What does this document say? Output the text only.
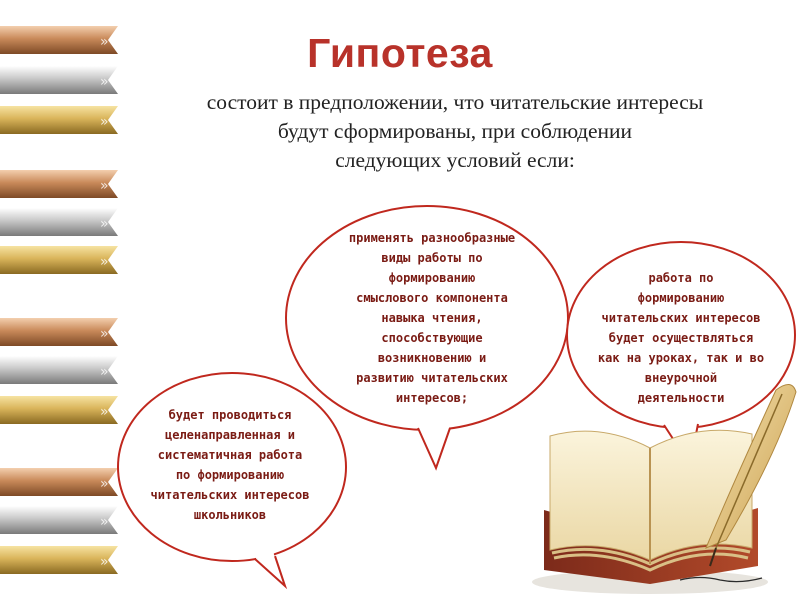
»
»
»
»
»
»
»
»
»
»
»
»
Гипотеза
состоит в предположении, что читательские интересы
будут сформированы, при соблюдении
следующих условий если:
применять разнообразные
виды работы по
формированию
смыслового компонента
навыка чтения,
способствующие
возникновению и
развитию читательских
интересов;
работа по
формированию
читательских интересов
будет осуществляться
как на уроках, так и во
внеурочной
деятельности
будет проводиться
целенаправленная и
систематичная работа
по формированию
читательских интересов
школьников
